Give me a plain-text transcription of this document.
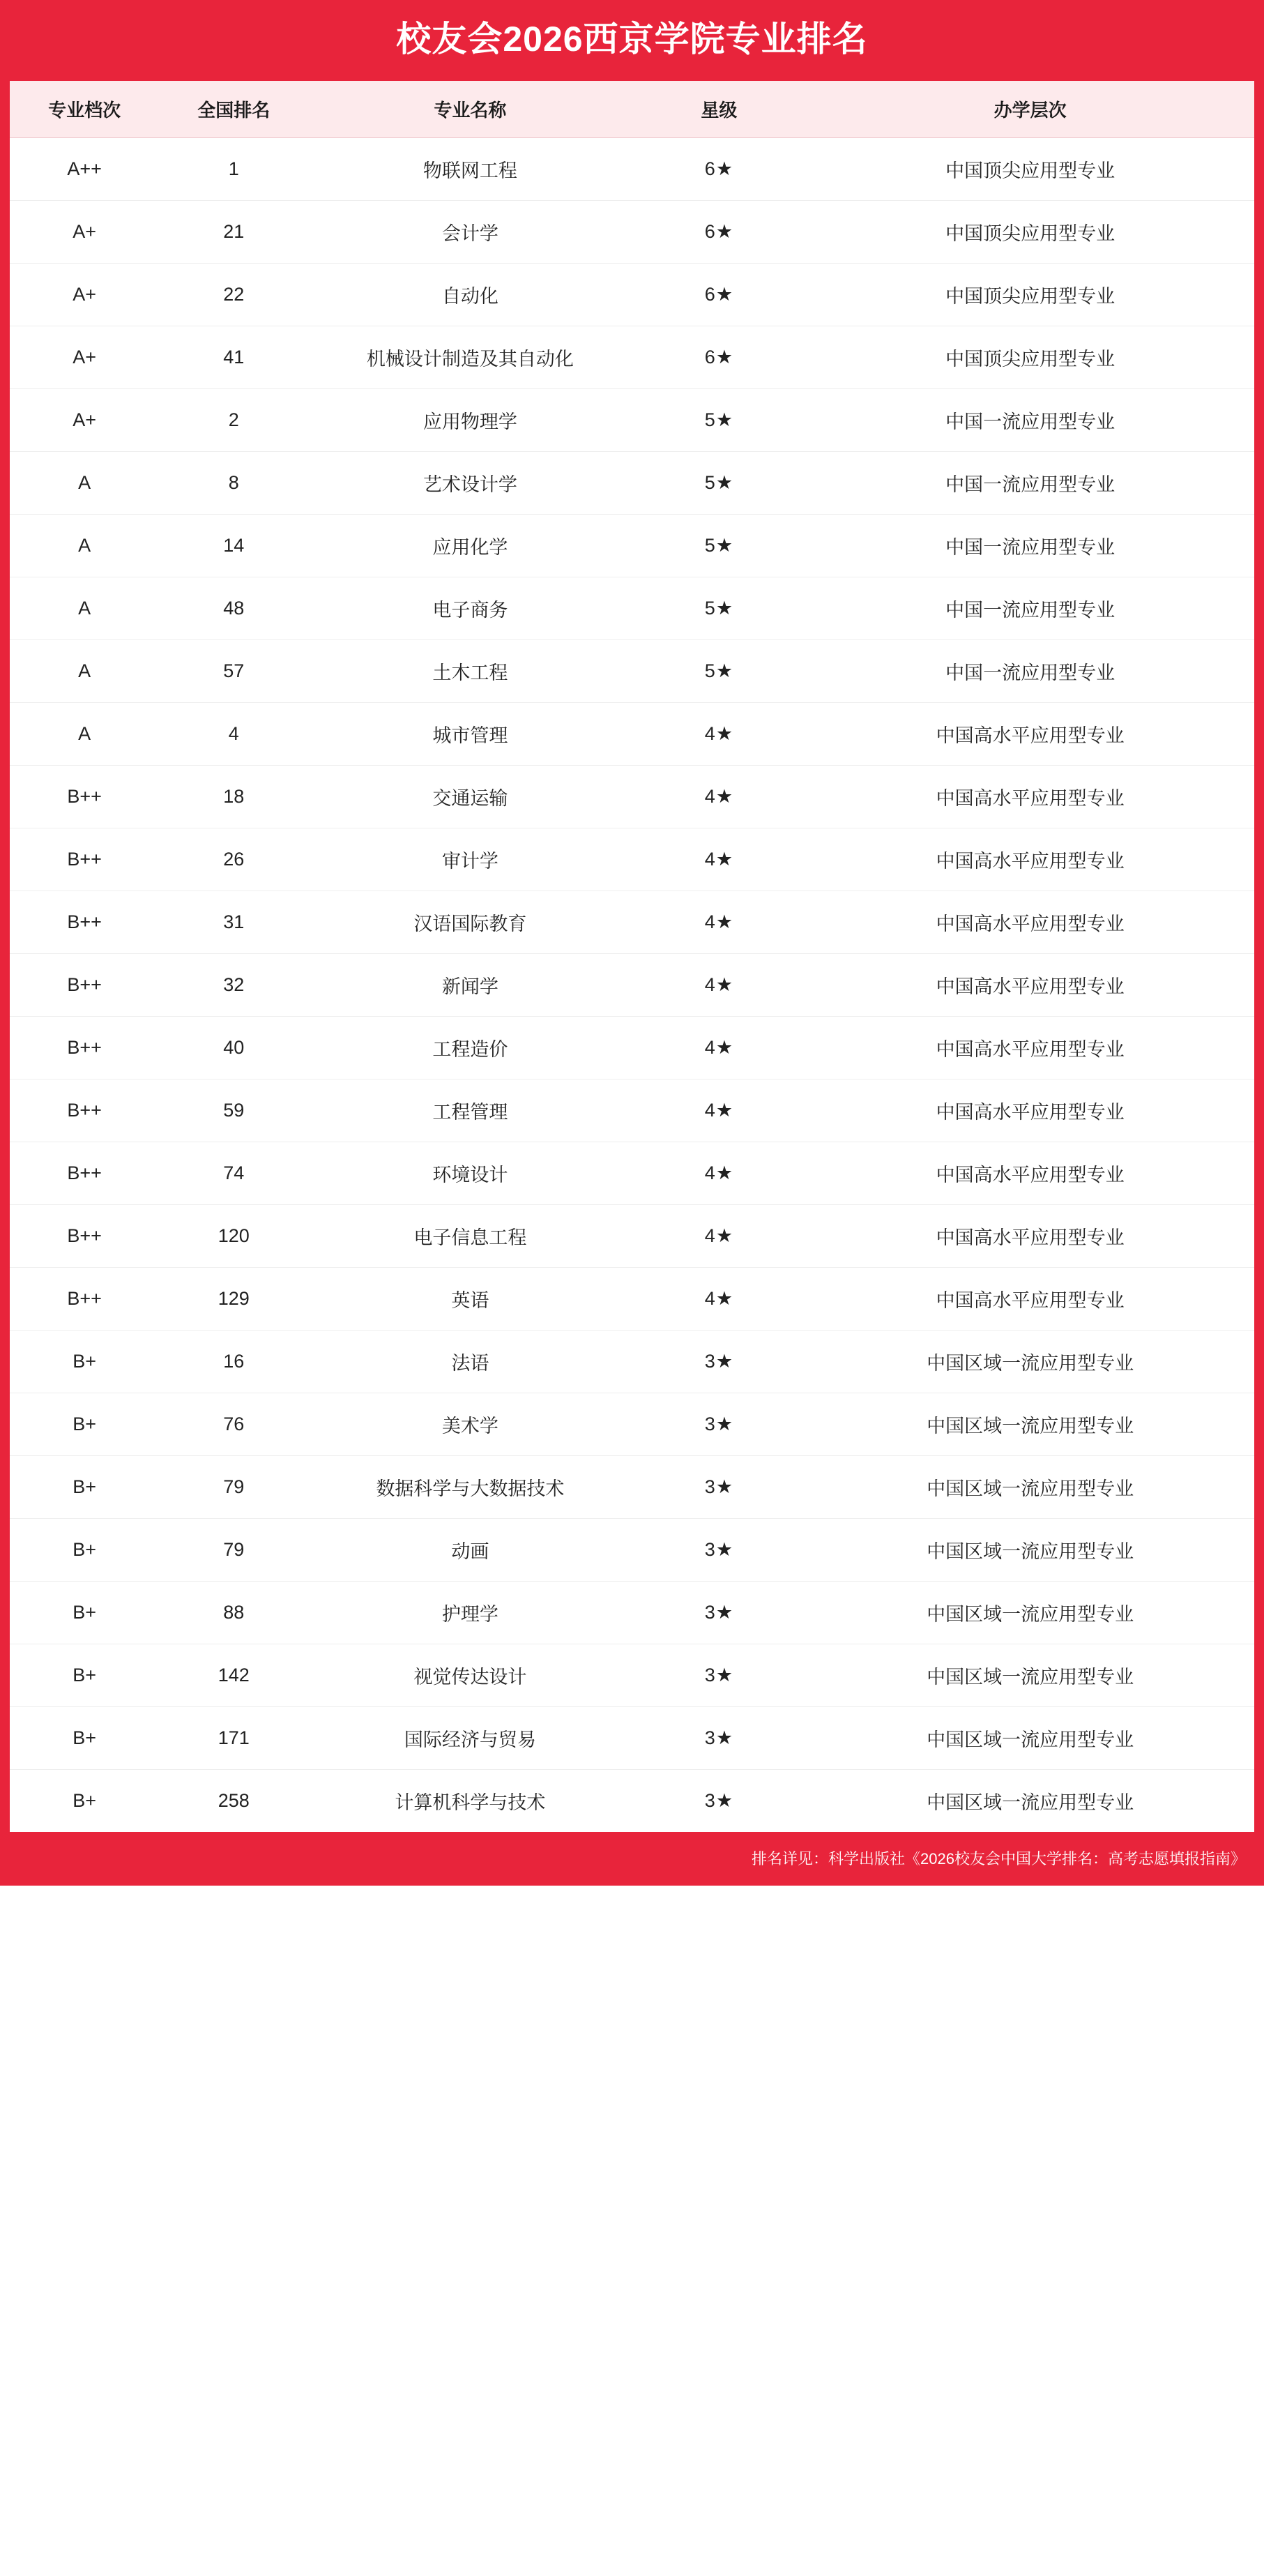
校友会2026西京学院专业排名
专业档次	全国排名	专业名称	星级	办学层次
A++	1	物联网工程	6★	中国顶尖应用型专业
A+	21	会计学	6★	中国顶尖应用型专业
A+	22	自动化	6★	中国顶尖应用型专业
A+	41	机械设计制造及其自动化	6★	中国顶尖应用型专业
A+	2	应用物理学	5★	中国一流应用型专业
A	8	艺术设计学	5★	中国一流应用型专业
A	14	应用化学	5★	中国一流应用型专业
A	48	电子商务	5★	中国一流应用型专业
A	57	土木工程	5★	中国一流应用型专业
A	4	城市管理	4★	中国高水平应用型专业
B++	18	交通运输	4★	中国高水平应用型专业
B++	26	审计学	4★	中国高水平应用型专业
B++	31	汉语国际教育	4★	中国高水平应用型专业
B++	32	新闻学	4★	中国高水平应用型专业
B++	40	工程造价	4★	中国高水平应用型专业
B++	59	工程管理	4★	中国高水平应用型专业
B++	74	环境设计	4★	中国高水平应用型专业
B++	120	电子信息工程	4★	中国高水平应用型专业
B++	129	英语	4★	中国高水平应用型专业
B+	16	法语	3★	中国区域一流应用型专业
B+	76	美术学	3★	中国区域一流应用型专业
B+	79	数据科学与大数据技术	3★	中国区域一流应用型专业
B+	79	动画	3★	中国区域一流应用型专业
B+	88	护理学	3★	中国区域一流应用型专业
B+	142	视觉传达设计	3★	中国区域一流应用型专业
B+	171	国际经济与贸易	3★	中国区域一流应用型专业
B+	258	计算机科学与技术	3★	中国区域一流应用型专业
排名详见：科学出版社《2026校友会中国大学排名：高考志愿填报指南》
